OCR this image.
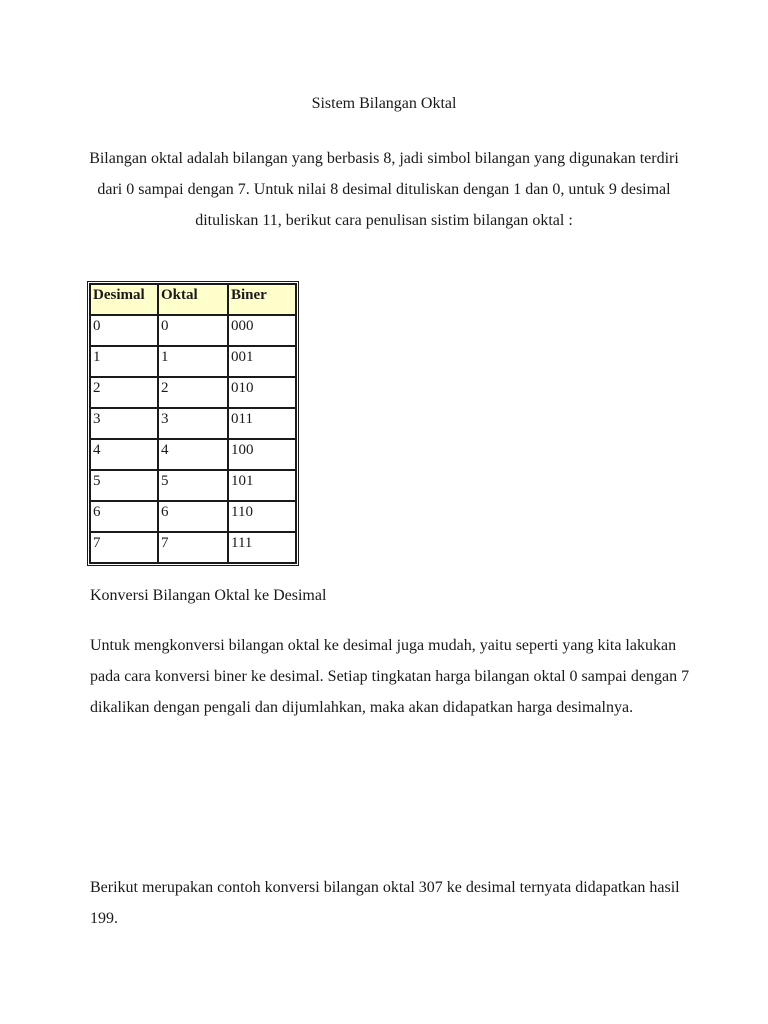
Sistem Bilangan Oktal
Bilangan oktal adalah bilangan yang berbasis 8, jadi simbol bilangan yang digunakan terdiri dari 0 sampai dengan 7. Untuk nilai 8 desimal dituliskan dengan 1 dan 0, untuk 9 desimal dituliskan 11, berikut cara penulisan sistim bilangan oktal :
Desimal	Oktal	Biner
0	0	000
1	1	001
2	2	010
3	3	011
4	4	100
5	5	101
6	6	110
7	7	111
Konversi Bilangan Oktal ke Desimal
Untuk mengkonversi bilangan oktal ke desimal juga mudah, yaitu seperti yang kita lakukan pada cara konversi biner ke desimal. Setiap tingkatan harga bilangan oktal 0 sampai dengan 7 dikalikan dengan pengali dan dijumlahkan, maka akan didapatkan harga desimalnya.
Berikut merupakan contoh konversi bilangan oktal 307 ke desimal ternyata didapatkan hasil 199.
